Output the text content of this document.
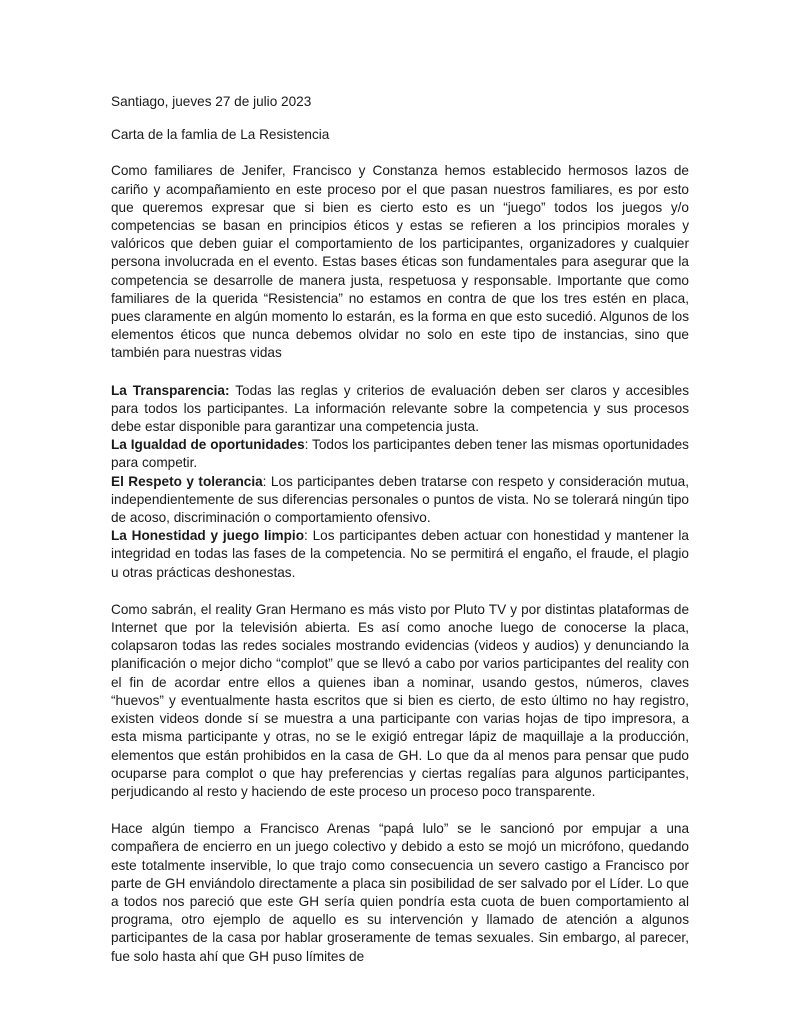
Santiago, jueves 27 de julio 2023

Carta de la famlia de La Resistencia

Como familiares de Jenifer, Francisco y Constanza hemos establecido hermosos lazos de cariño y acompañamiento en este proceso por el que pasan nuestros familiares, es por esto que queremos expresar que si bien es cierto esto es un “juego” todos los juegos y/o competencias se basan en principios éticos y estas se refieren a los principios morales y valóricos que deben guiar el comportamiento de los participantes, organizadores y cualquier persona involucrada en el evento. Estas bases éticas son fundamentales para asegurar que la competencia se desarrolle de manera justa, respetuosa y responsable. Importante que como familiares de la querida “Resistencia” no estamos en contra de que los tres estén en placa, pues claramente en algún momento lo estarán, es la forma en que esto sucedió. Algunos de los elementos éticos que nunca debemos olvidar no solo en este tipo de instancias, sino que también para nuestras vidas

La Transparencia: Todas las reglas y criterios de evaluación deben ser claros y accesibles para todos los participantes. La información relevante sobre la competencia y sus procesos debe estar disponible para garantizar una competencia justa.

La Igualdad de oportunidades: Todos los participantes deben tener las mismas oportunidades para competir.

El Respeto y tolerancia: Los participantes deben tratarse con respeto y consideración mutua, independientemente de sus diferencias personales o puntos de vista. No se tolerará ningún tipo de acoso, discriminación o comportamiento ofensivo.

La Honestidad y juego limpio: Los participantes deben actuar con honestidad y mantener la integridad en todas las fases de la competencia. No se permitirá el engaño, el fraude, el plagio u otras prácticas deshonestas.

Como sabrán, el reality Gran Hermano es más visto por Pluto TV y por distintas plataformas de Internet que por la televisión abierta. Es así como anoche luego de conocerse la placa, colapsaron todas las redes sociales mostrando evidencias (videos y audios) y denunciando la planificación o mejor dicho “complot” que se llevó a cabo por varios participantes del reality con el fin de acordar entre ellos a quienes iban a nominar, usando gestos, números, claves “huevos” y eventualmente hasta escritos que si bien es cierto, de esto último no hay registro, existen videos donde sí se muestra a una participante con varias hojas de tipo impresora, a esta misma participante y otras, no se le exigió entregar lápiz de maquillaje a la producción, elementos que están prohibidos en la casa de GH. Lo que da al menos para pensar que pudo ocuparse para complot o que hay preferencias y ciertas regalías para algunos participantes, perjudicando al resto y haciendo de este proceso un proceso poco transparente.

Hace algún tiempo a Francisco Arenas “papá lulo” se le sancionó por empujar a una compañera de encierro en un juego colectivo y debido a esto se mojó un micrófono, quedando este totalmente inservible, lo que trajo como consecuencia un severo castigo a Francisco por parte de GH enviándolo directamente a placa sin posibilidad de ser salvado por el Líder. Lo que a todos nos pareció que este GH sería quien pondría esta cuota de buen comportamiento al programa, otro ejemplo de aquello es su intervención y llamado de atención a algunos participantes de la casa por hablar groseramente de temas sexuales. Sin embargo, al parecer, fue solo hasta ahí que GH puso límites de
